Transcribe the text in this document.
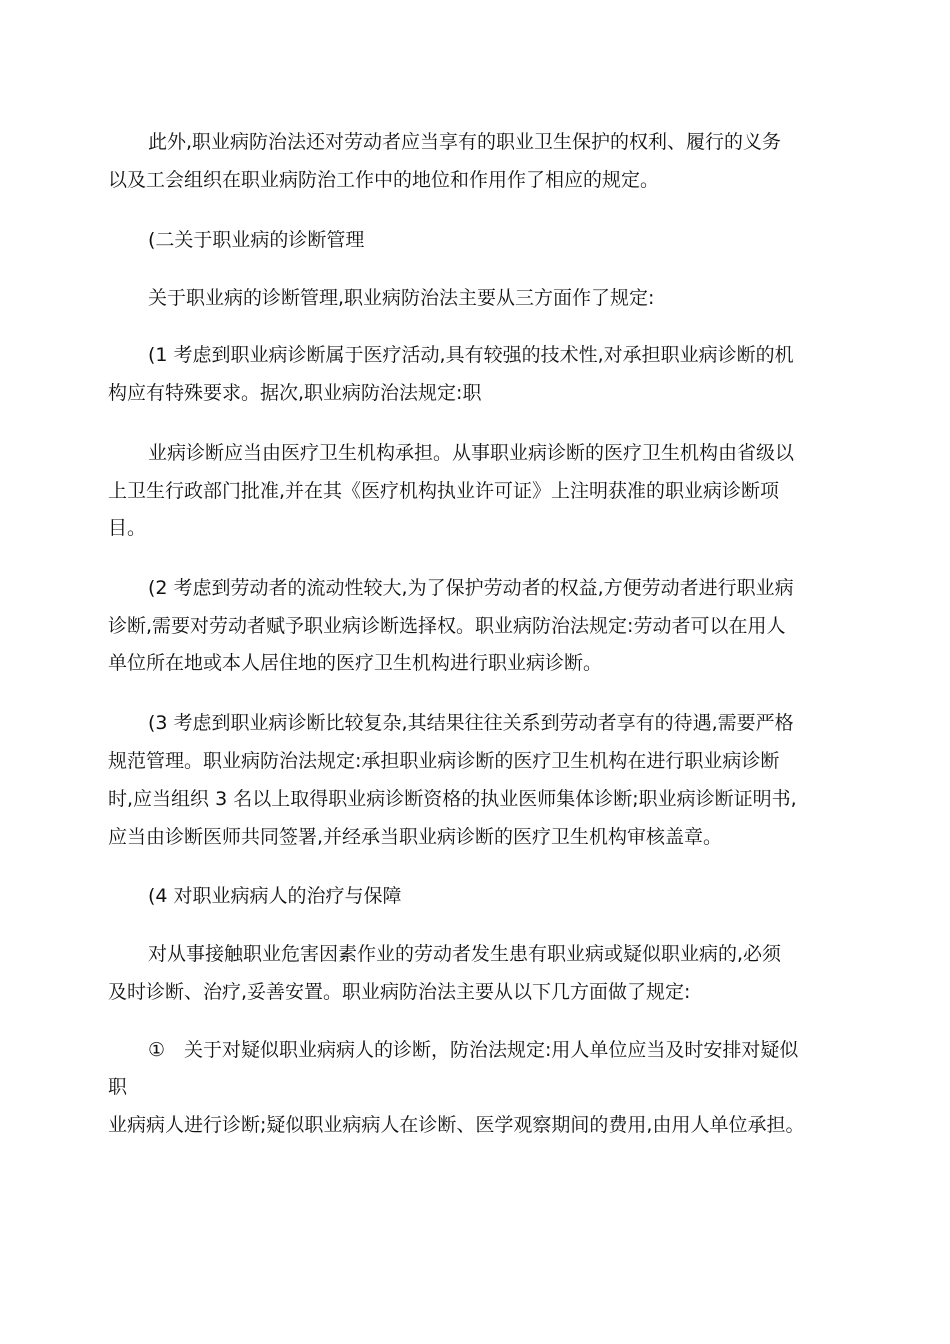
此外,职业病防治法还对劳动者应当享有的职业卫生保护的权利、履行的义务
以及工会组织在职业病防治工作中的地位和作用作了相应的规定。
(二关于职业病的诊断管理
关于职业病的诊断管理,职业病防治法主要从三方面作了规定:
(1 考虑到职业病诊断属于医疗活动,具有较强的技术性,对承担职业病诊断的机
构应有特殊要求。据次,职业病防治法规定:职
业病诊断应当由医疗卫生机构承担。从事职业病诊断的医疗卫生机构由省级以
上卫生行政部门批准,并在其《医疗机构执业许可证》上注明获准的职业病诊断项
目。
(2 考虑到劳动者的流动性较大,为了保护劳动者的权益,方便劳动者进行职业病
诊断,需要对劳动者赋予职业病诊断选择权。职业病防治法规定:劳动者可以在用人
单位所在地或本人居住地的医疗卫生机构进行职业病诊断。
(3 考虑到职业病诊断比较复杂,其结果往往关系到劳动者享有的待遇,需要严格
规范管理。职业病防治法规定:承担职业病诊断的医疗卫生机构在进行职业病诊断
时,应当组织 3 名以上取得职业病诊断资格的执业医师集体诊断;职业病诊断证明书,
应当由诊断医师共同签署,并经承当职业病诊断的医疗卫生机构审核盖章。
(4 对职业病病人的治疗与保障
对从事接触职业危害因素作业的劳动者发生患有职业病或疑似职业病的,必须
及时诊断、治疗,妥善安置。职业病防治法主要从以下几方面做了规定:
①　关于对疑似职业病病人的诊断，防治法规定:用人单位应当及时安排对疑似
职
业病病人进行诊断;疑似职业病病人在诊断、医学观察期间的费用,由用人单位承担。
